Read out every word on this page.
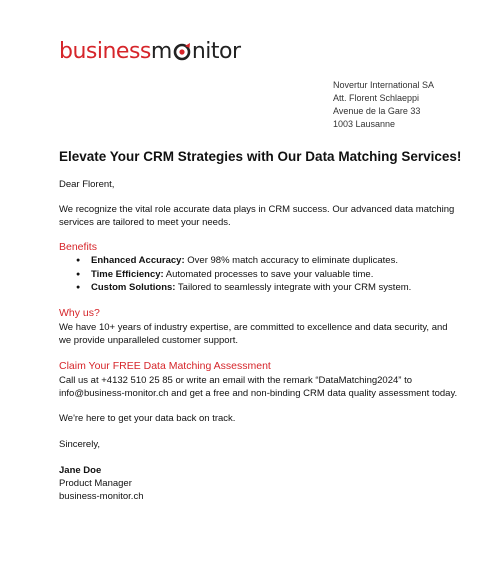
business m nitor
Novertur International SA
Att. Florent Schlaeppi
Avenue de la Gare 33
1003 Lausanne
Elevate Your CRM Strategies with Our Data Matching Services!
Dear Florent,
We recognize the vital role accurate data plays in CRM success. Our advanced data matching services are tailored to meet your needs.
Benefits
● Enhanced Accuracy: Over 98% match accuracy to eliminate duplicates.
● Time Efficiency: Automated processes to save your valuable time.
● Custom Solutions: Tailored to seamlessly integrate with your CRM system.
Why us?
We have 10+ years of industry expertise, are committed to excellence and data security, and we provide unparalleled customer support.
Claim Your FREE Data Matching Assessment
Call us at +4132 510 25 85 or write an email with the remark “DataMatching2024” to info@business-monitor.ch and get a free and non-binding CRM data quality assessment today.
We're here to get your data back on track.
Sincerely,
Jane Doe
Product Manager
business-monitor.ch
